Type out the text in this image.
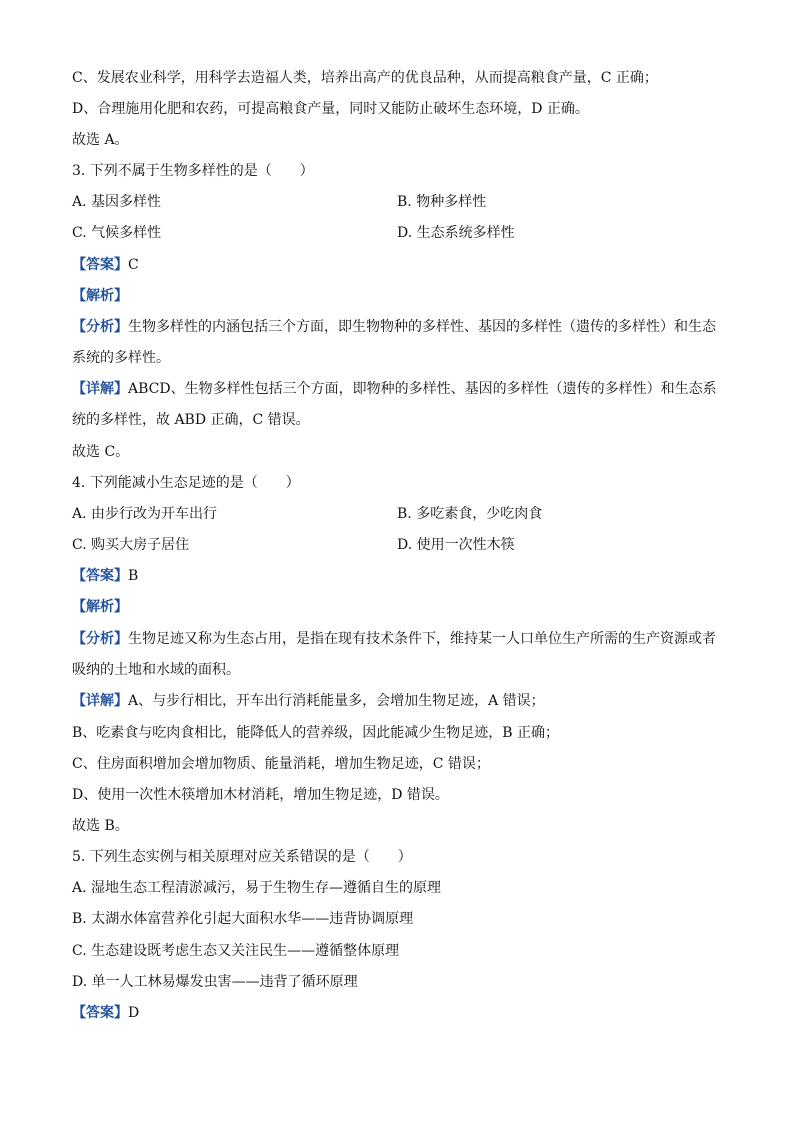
C、发展农业科学，用科学去造福人类，培养出高产的优良品种，从而提高粮食产量，C 正确；
D、合理施用化肥和农药，可提高粮食产量，同时又能防止破坏生态环境，D 正确。
故选 A。
3. 下列不属于生物多样性的是（　　）
A. 基因多样性	B. 物种多样性
C. 气候多样性	D. 生态系统多样性
【答案】C
【解析】
【分析】生物多样性的内涵包括三个方面，即生物物种的多样性、基因的多样性（遗传的多样性）和生态
系统的多样性。
【详解】ABCD、生物多样性包括三个方面，即物种的多样性、基因的多样性（遗传的多样性）和生态系
统的多样性，故 ABD 正确，C 错误。
故选 C。
4. 下列能减小生态足迹的是（　　）
A. 由步行改为开车出行	B. 多吃素食，少吃肉食
C. 购买大房子居住	D. 使用一次性木筷
【答案】B
【解析】
【分析】生物足迹又称为生态占用，是指在现有技术条件下，维持某一人口单位生产所需的生产资源或者
吸纳的土地和水域的面积。
【详解】A、与步行相比，开车出行消耗能量多，会增加生物足迹，A 错误；
B、吃素食与吃肉食相比，能降低人的营养级，因此能减少生物足迹，B 正确；
C、住房面积增加会增加物质、能量消耗，增加生物足迹，C 错误；
D、使用一次性木筷增加木材消耗，增加生物足迹，D 错误。
故选 B。
5. 下列生态实例与相关原理对应关系错误的是（　　）
A. 湿地生态工程清淤减污，易于生物生存—遵循自生的原理
B. 太湖水体富营养化引起大面积水华——违背协调原理
C. 生态建设既考虑生态又关注民生——遵循整体原理
D. 单一人工林易爆发虫害——违背了循环原理
【答案】D
